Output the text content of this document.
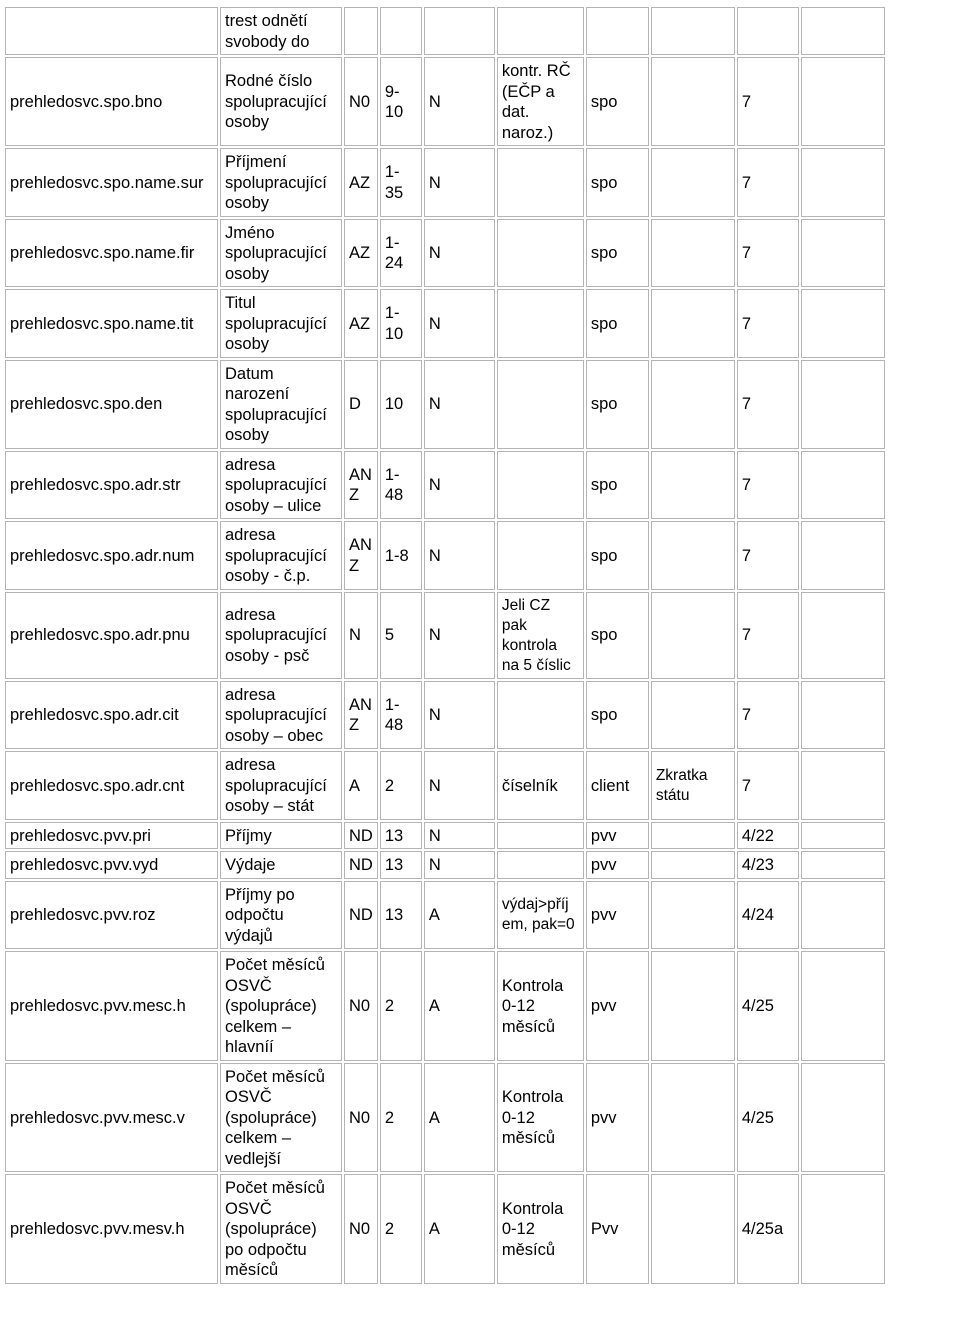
	trest odnětí
svobody do								
prehledosvc.spo.bno	Rodné číslo
spolupracující
osoby	N0	9-10	N	kontr. RČ
(EČP a
dat.
naroz.)	spo		7	
prehledosvc.spo.name.sur	Příjmení
spolupracující
osoby	AZ	1-35	N		spo		7	
prehledosvc.spo.name.fir	Jméno
spolupracující
osoby	AZ	1-24	N		spo		7	
prehledosvc.spo.name.tit	Titul
spolupracující
osoby	AZ	1-10	N		spo		7	
prehledosvc.spo.den	Datum
narození
spolupracující
osoby	D	10	N		spo		7	
prehledosvc.spo.adr.str	adresa
spolupracující
osoby – ulice	AN
Z	1-48	N		spo		7	
prehledosvc.spo.adr.num	adresa
spolupracující
osoby - č.p.	AN
Z	1-8	N		spo		7	
prehledosvc.spo.adr.pnu	adresa
spolupracující
osoby - psč	N	5	N	Jeli CZ
pak
kontrola
na 5 číslic	spo		7	
prehledosvc.spo.adr.cit	adresa
spolupracující
osoby – obec	AN
Z	1-48	N		spo		7	
prehledosvc.spo.adr.cnt	adresa
spolupracující
osoby – stát	A	2	N	číselník	client	Zkratka
státu	7	
prehledosvc.pvv.pri	Příjmy	ND	13	N		pvv		4/22	
prehledosvc.pvv.vyd	Výdaje	ND	13	N		pvv		4/23	
prehledosvc.pvv.roz	Příjmy po
odpočtu
výdajů	ND	13	A	výdaj>příj
em, pak=0	pvv		4/24	
prehledosvc.pvv.mesc.h	Počet měsíců
OSVČ
(spolupráce)
celkem –
hlavníí	N0	2	A	Kontrola
0-12
měsíců	pvv		4/25	
prehledosvc.pvv.mesc.v	Počet měsíců
OSVČ
(spolupráce)
celkem –
vedlejší	N0	2	A	Kontrola
0-12
měsíců	pvv		4/25	
prehledosvc.pvv.mesv.h	Počet měsíců
OSVČ
(spolupráce)
po odpočtu
měsíců	N0	2	A	Kontrola
0-12
měsíců	Pvv		4/25a	
